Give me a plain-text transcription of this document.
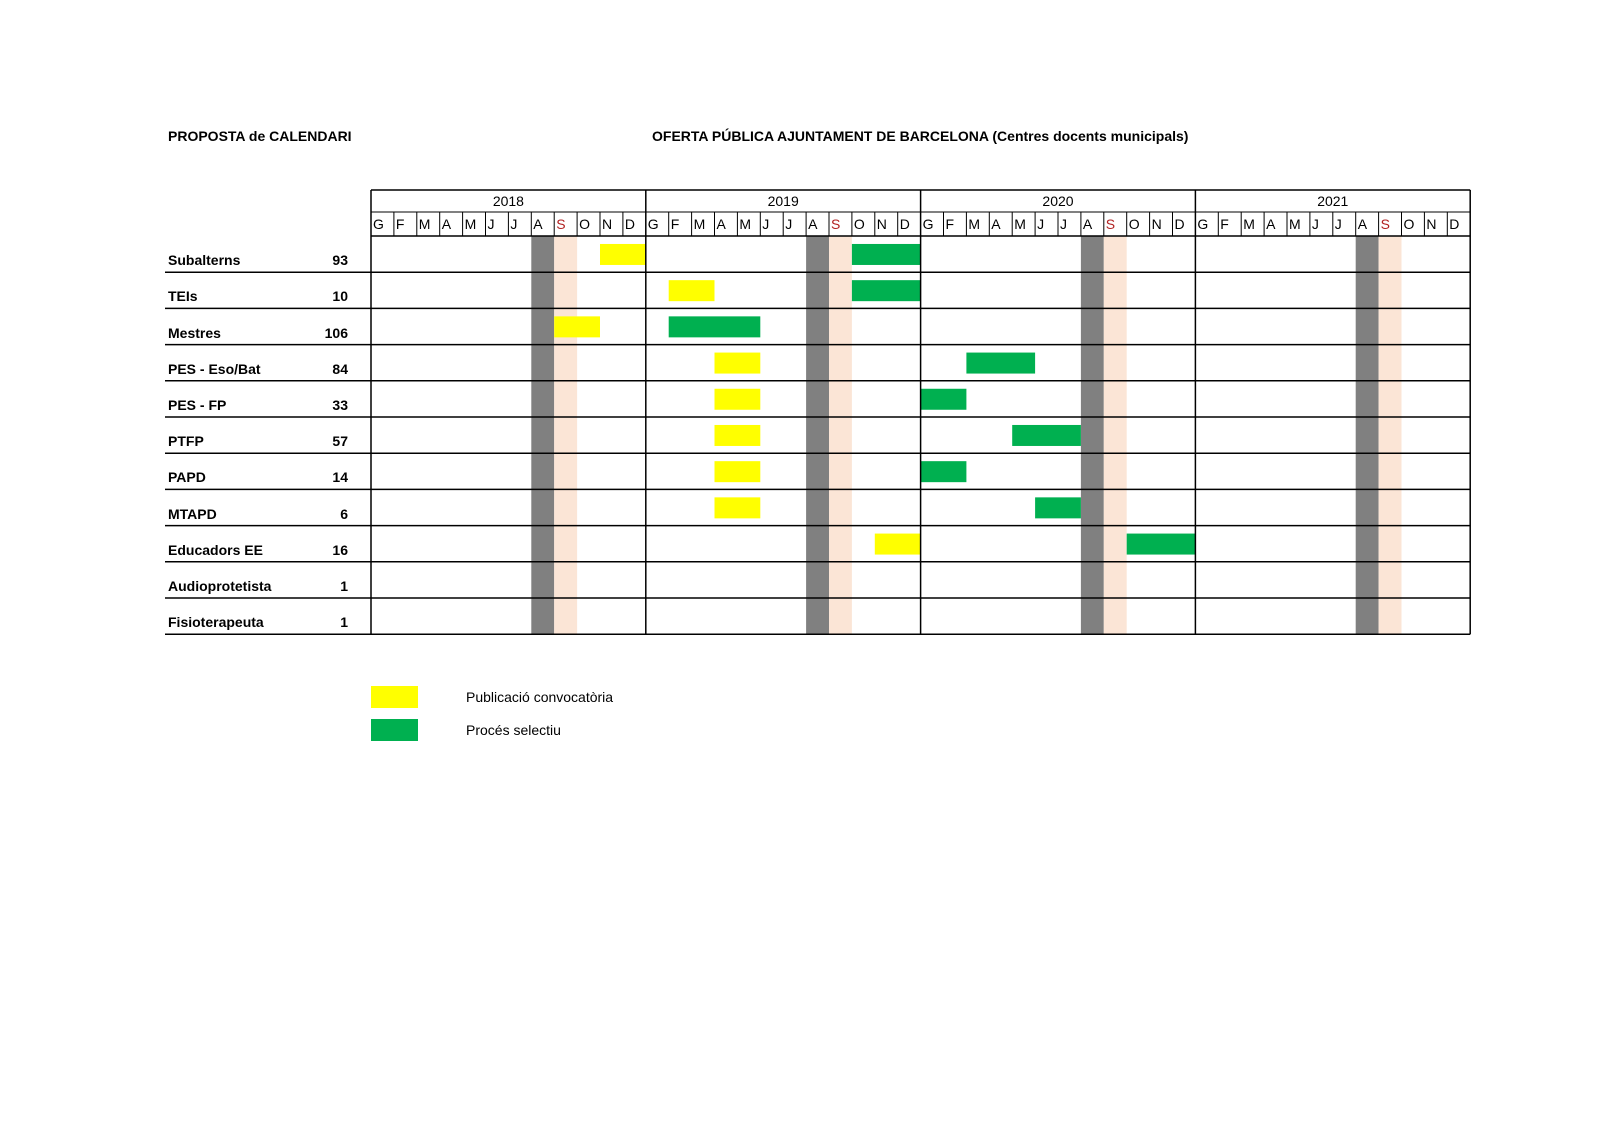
PROPOSTA de CALENDARI	OFERTA PÚBLICA AJUNTAMENT DE BARCELONA (Centres docents municipals)
2018	2019	2020	2021
G F	M A M J	J	A S O N D G F	M A M J	J	A S O N D G F	M A M J	J	A S O N D G F	M A M J	J	A S O N D
Subalterns	93
TEIs	10
Mestres	106
PES - Eso/Bat	84
PES - FP	33
PTFP	57
PAPD	14
MTAPD	6
Educadors EE	16
Audioprotetista	1
Fisioterapeuta	1
Publicació convocatòria
Procés selectiu
